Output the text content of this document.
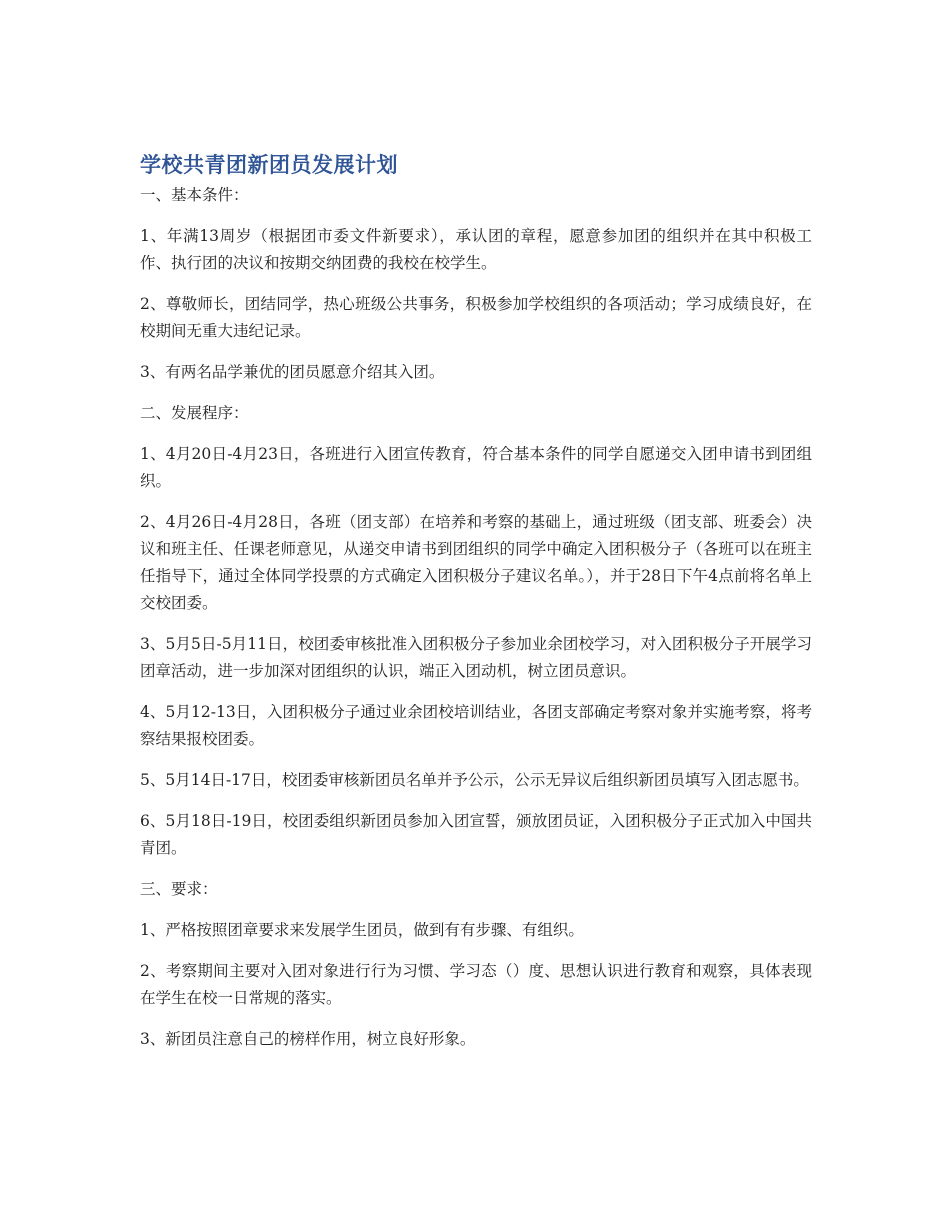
学校共青团新团员发展计划

一、基本条件：

1、年满13周岁（根据团市委文件新要求），承认团的章程，愿意参加团的组织并在其中积极工作、执行团的决议和按期交纳团费的我校在校学生。

2、尊敬师长，团结同学，热心班级公共事务，积极参加学校组织的各项活动；学习成绩良好，在校期间无重大违纪记录。

3、有两名品学兼优的团员愿意介绍其入团。

二、发展程序：

1、4月20日-4月23日，各班进行入团宣传教育，符合基本条件的同学自愿递交入团申请书到团组织。

2、4月26日-4月28日，各班（团支部）在培养和考察的基础上，通过班级（团支部、班委会）决议和班主任、任课老师意见，从递交申请书到团组织的同学中确定入团积极分子（各班可以在班主任指导下，通过全体同学投票的方式确定入团积极分子建议名单。），并于28日下午4点前将名单上交校团委。

3、5月5日-5月11日，校团委审核批准入团积极分子参加业余团校学习，对入团积极分子开展学习团章活动，进一步加深对团组织的认识，端正入团动机，树立团员意识。

4、5月12-13日，入团积极分子通过业余团校培训结业，各团支部确定考察对象并实施考察，将考察结果报校团委。

5、5月14日-17日，校团委审核新团员名单并予公示，公示无异议后组织新团员填写入团志愿书。

6、5月18日-19日，校团委组织新团员参加入团宣誓，颁放团员证，入团积极分子正式加入中国共青团。

三、要求：

1、严格按照团章要求来发展学生团员，做到有有步骤、有组织。

2、考察期间主要对入团对象进行行为习惯、学习态（）度、思想认识进行教育和观察，具体表现在学生在校一日常规的落实。

3、新团员注意自己的榜样作用，树立良好形象。
